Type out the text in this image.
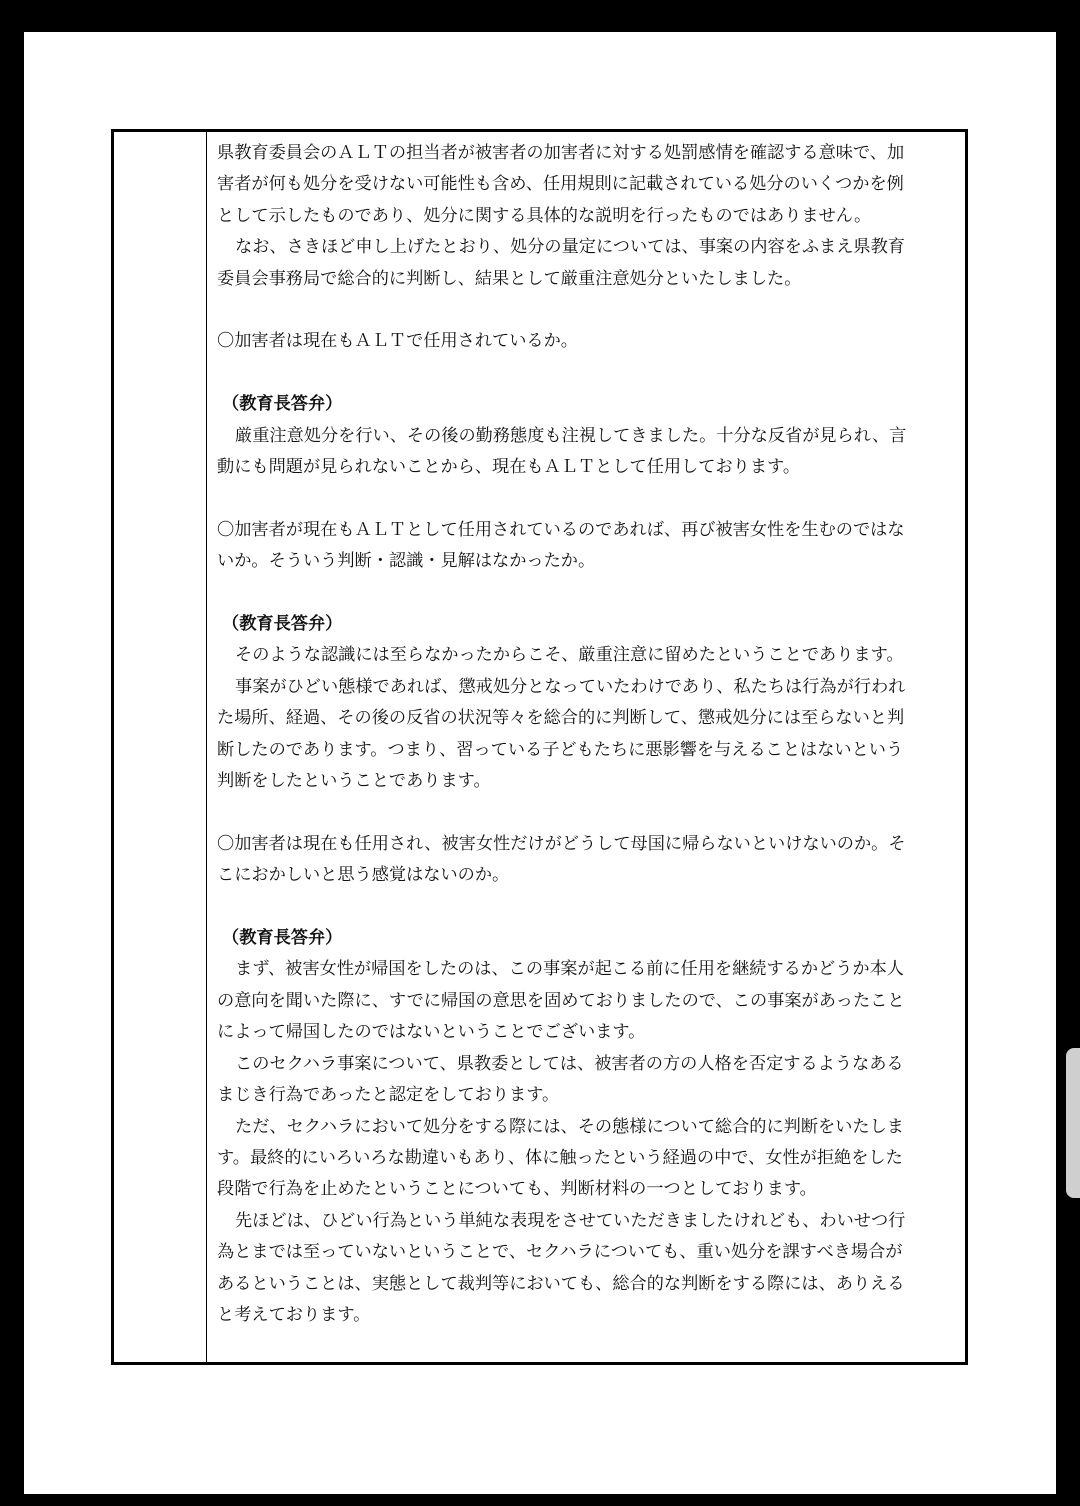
県教育委員会のＡＬＴの担当者が被害者の加害者に対する処罰感情を確認する意味で、加

害者が何も処分を受けない可能性も含め、任用規則に記載されている処分のいくつかを例

として示したものであり、処分に関する具体的な説明を行ったものではありません。

なお、さきほど申し上げたとおり、処分の量定については、事案の内容をふまえ県教育

委員会事務局で総合的に判断し、結果として厳重注意処分といたしました。

〇加害者は現在もＡＬＴで任用されているか。

（教育長答弁）

厳重注意処分を行い、その後の勤務態度も注視してきました。十分な反省が見られ、言

動にも問題が見られないことから、現在もＡＬＴとして任用しております。

〇加害者が現在もＡＬＴとして任用されているのであれば、再び被害女性を生むのではな

いか。そういう判断・認識・見解はなかったか。

（教育長答弁）

そのような認識には至らなかったからこそ、厳重注意に留めたということであります。

事案がひどい態様であれば、懲戒処分となっていたわけであり、私たちは行為が行われ

た場所、経過、その後の反省の状況等々を総合的に判断して、懲戒処分には至らないと判

断したのであります。つまり、習っている子どもたちに悪影響を与えることはないという

判断をしたということであります。

〇加害者は現在も任用され、被害女性だけがどうして母国に帰らないといけないのか。そ

こにおかしいと思う感覚はないのか。

（教育長答弁）

まず、被害女性が帰国をしたのは、この事案が起こる前に任用を継続するかどうか本人

の意向を聞いた際に、すでに帰国の意思を固めておりましたので、この事案があったこと

によって帰国したのではないということでございます。

このセクハラ事案について、県教委としては、被害者の方の人格を否定するようなある

まじき行為であったと認定をしております。

ただ、セクハラにおいて処分をする際には、その態様について総合的に判断をいたしま

す。最終的にいろいろな勘違いもあり、体に触ったという経過の中で、女性が拒絶をした

段階で行為を止めたということについても、判断材料の一つとしております。

先ほどは、ひどい行為という単純な表現をさせていただきましたけれども、わいせつ行

為とまでは至っていないということで、セクハラについても、重い処分を課すべき場合が

あるということは、実態として裁判等においても、総合的な判断をする際には、ありえる

と考えております。
